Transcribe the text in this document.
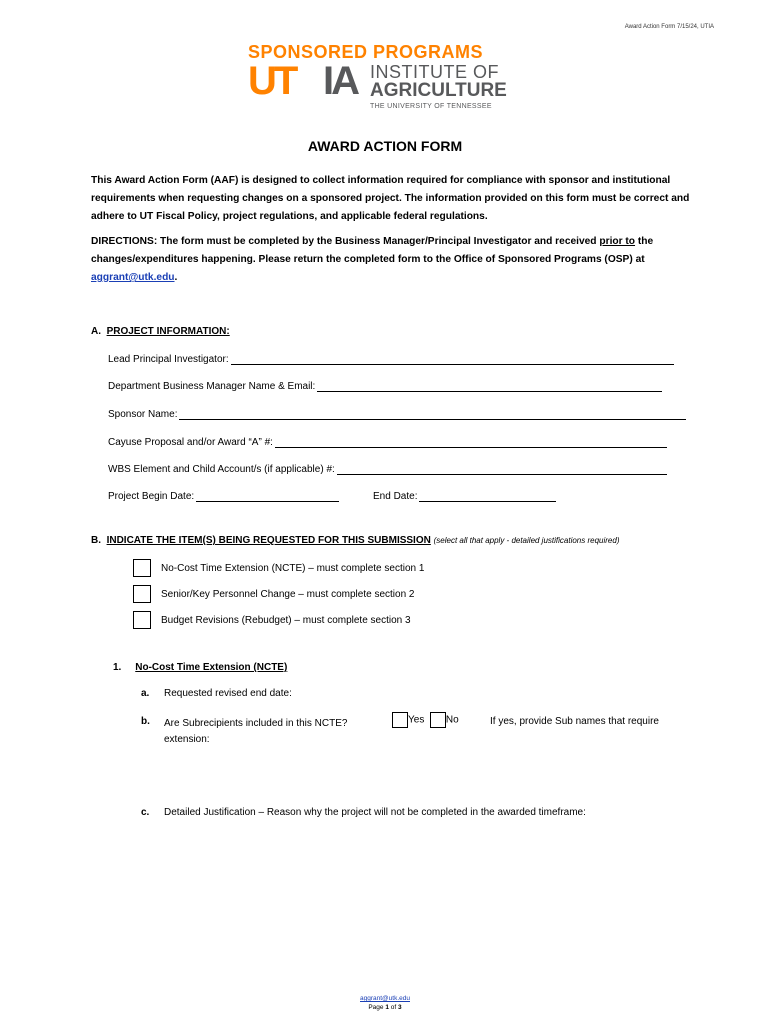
Award Action Form 7/15/24, UTIA
SPONSORED PROGRAMS
UT IA INSTITUTE OF
AGRICULTURE
THE UNIVERSITY OF TENNESSEE
AWARD ACTION FORM
This Award Action Form (AAF) is designed to collect information required for compliance with sponsor and institutional requirements when requesting changes on a sponsored project. The information provided on this form must be correct and adhere to UT Fiscal Policy, project regulations, and applicable federal regulations.
DIRECTIONS: The form must be completed by the Business Manager/Principal Investigator and received prior to the changes/expenditures happening. Please return the completed form to the Office of Sponsored Programs (OSP) at aggrant@utk.edu.
A. PROJECT INFORMATION:
Lead Principal Investigator:
Department Business Manager Name & Email:
Sponsor Name:
Cayuse Proposal and/or Award “A” #:
WBS Element and Child Account/s (if applicable) #:
Project Begin Date:	End Date:
B. INDICATE THE ITEM(S) BEING REQUESTED FOR THIS SUBMISSION (select all that apply - detailed justifications required)
No-Cost Time Extension (NCTE) – must complete section 1
Senior/Key Personnel Change – must complete section 2
Budget Revisions (Rebudget) – must complete section 3
1. No-Cost Time Extension (NCTE)
a. Requested revised end date:
b. Are Subrecipients included in this NCTE?
extension:
Yes No	If yes, provide Sub names that require
c. Detailed Justification – Reason why the project will not be completed in the awarded timeframe:
aggrant@utk.edu
Page 1 of 3
